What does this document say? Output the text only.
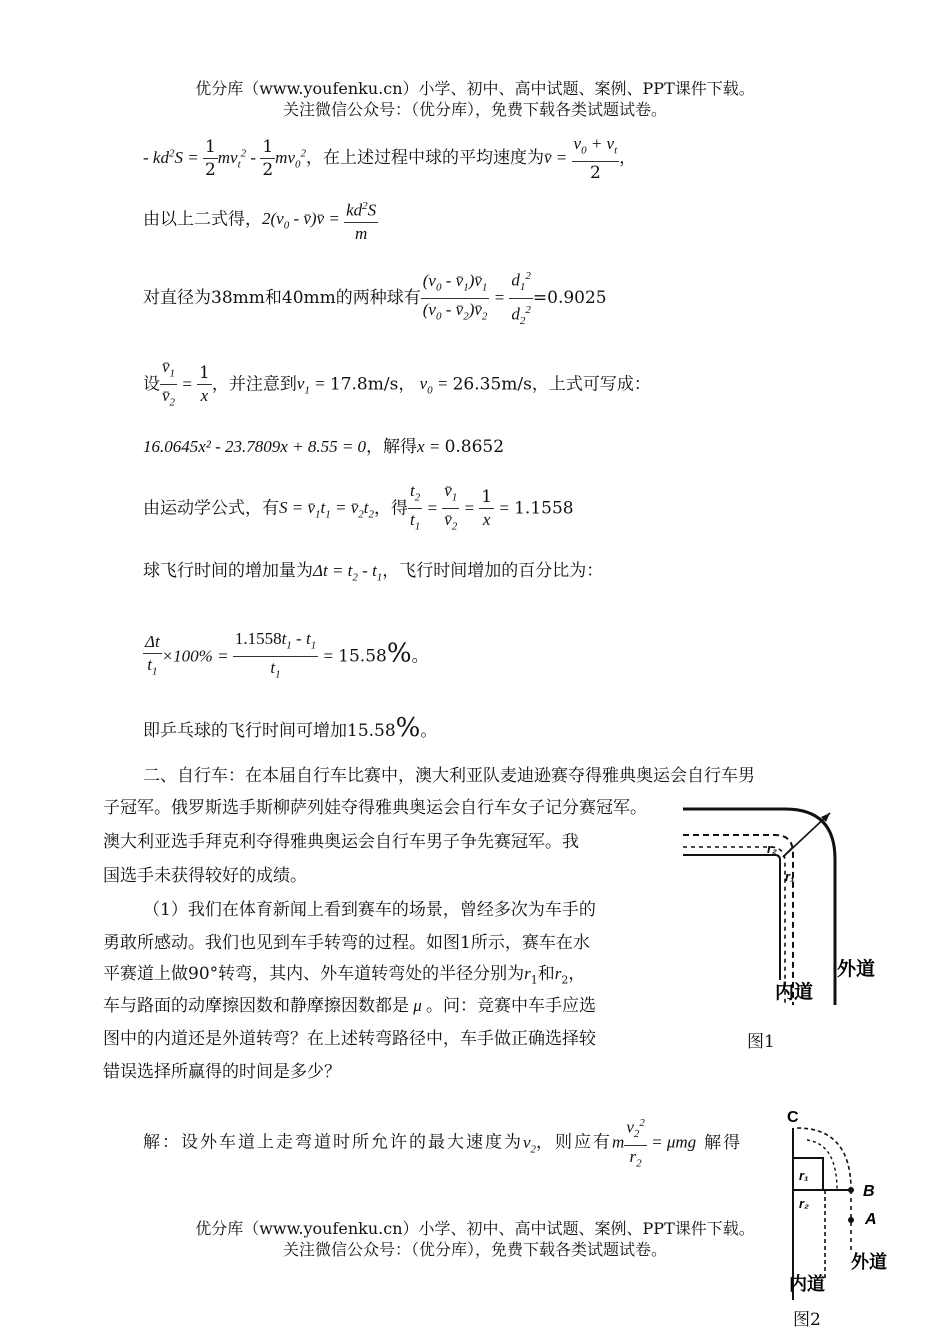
优分库（www.youfenku.cn）小学、初中、高中试题、案例、PPT课件下载。
关注微信公众号：（优分库），免费下载各类试题试卷。
- $kd^2S = \frac{1}{2} mv_t^2 - \frac{1}{2} mv_0^2$，在上述过程中球的平均速度为v̄ = $\frac{v_0 + v_t}{2}$ ，
由以上二式得，$2(v_0$ - v̄)v̄ = $\frac{kd^2S}{m}$
对直径为38mm和40mm的两种球有 $\frac{(v_0 - v̄_1)v̄_1}{(v_0 - v̄_2)v̄_2} = \frac{d_1^2}{d_2^2} =0.9025$
设 $\frac{v̄_1}{v̄_2} = \frac{1}{x}$ ，并注意到$v_1 = 17.8m/s$， $v_0 = 26.35m/s$，上式可写成：
16.0645x² - 23.7809x + 8.55 = 0，解得x = 0.8652
由运动学公式，有$S = v̄_1t_1$ = $v̄_2t_2$，得 $\frac{t_2}{t_1} = \frac{v̄_1}{v̄_2} = \frac{1}{x} = 1.1558$
球飞行时间的增加量为$\Delta t = t_2 - t_1$，飞行时间增加的百分比为：
$\frac{\Delta t}{t_1} \times 100\% = \frac{1.1558t_1 - t_1}{t_1} = 15.58\%$。
即乒乓球的飞行时间可增加15.58%。
二、自行车：在本届自行车比赛中，澳大利亚队麦迪逊赛夺得雅典奥运会自行车男
子冠军。俄罗斯选手斯柳萨列娃夺得雅典奥运会自行车女子记分赛冠军。
澳大利亚选手拜克利夺得雅典奥运会自行车男子争先赛冠军。我
国选手未获得较好的成绩。
（1）我们在体育新闻上看到赛车的场景，曾经多次为车手的
勇敢所感动。我们也见到车手转弯的过程。如图1所示，赛车在水
平赛道上做90°转弯，其内、外车道转弯处的半径分别为$r_1$和$r_2$，
车与路面的动摩擦因数和静摩擦因数都是 μ 。问：竞赛中车手应选
图中的内道还是外道转弯？在上述转弯路径中，车手做正确选择较
错误选择所赢得的时间是多少？
解：设外车道上走弯道时所允许的最大速度为$v_2$，则应有m $\frac{v_2^2}{r_2} = \mu mg$ 解得
r₂
r₁
外道
内道
图1
C
B
A
r₁
r₂
外道
内道
图2
优分库（www.youfenku.cn）小学、初中、高中试题、案例、PPT课件下载。
关注微信公众号：（优分库），免费下载各类试题试卷。
